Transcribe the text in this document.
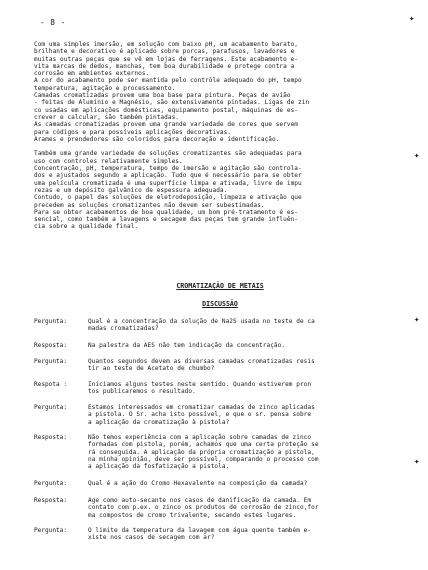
- 8 -	✦
✦
✦
✦
Com uma simples imersão, em solução com baixo pH, um acabamento barato,
brilhante e decorativo é aplicado sobre porcas, parafusos, lavadores e
muitas outras peças que se vê em lojas de ferragens. Este acabamento e-
vita marcas de dedos, manchas, tem boa durabilidade e protege contra a
corrosão em ambientes externos.
A cor do acabamento pode ser mantida pelo contrôle adequado do pH, tempo
temperatura, agitação e processamento.
Camadas cromatizadas provem uma boa base para pintura. Peças de avião
- feitas de Alumínio e Magnésio, são extensivamente pintadas. Ligas de zin
co usadas em aplicações domésticas, equipamento postal, máquinas de es-
crever e calcular, são também pintadas.
As camadas cromatizadas provem uma grande variedade de cores que servem
para códigos e para possíveis aplicações decorativas.
Arames e prendedores são coloridos para decoração e identificação.
Também uma grande variedade de soluções cromatizantes são adequadas para
uso com controles relativamente simples.
Concentração, pH, temperatura, tempo de imersão e agitação são controla-
dos e ajustados segundo a aplicação. Tudo que é necessário para se obter
uma película cromatizada é uma superfície limpa e ativada, livre de impu
rezas e um depósito galvânico de espessura adequada.
Contudo, o papel das soluções de eletrodeposição, limpeza e ativação que
precedem as soluções cromatizantes não devem ser subestimadas.
Para se obter acabamentos de boa qualidade, um bom pré-tratamento é es-
sencial, como também a lavagens e secagem das peças tem grande influên-
cia sobre a qualidade final.
CROMATIZAÇÃO DE METAIS
DISCUSSÃO
Pergunta:	Qual é a concentração da solução de Na2S usada no teste de ca
madas cromatizadas?
Resposta:	Na palestra da AES não tem indicação da concentração.
Pergunta:	Quantos segundos devem as diversas camadas cromatizadas resis
tir ao teste de Acetato de chumbo?
Respota :	Iniciamos alguns testes neste sentido. Quando estiverem pron
tos publicaremos o resultado.
Pergunta:	Estamos interessados em cromatizar camadas de zinco aplicadas
a pistola. O Sr. acha isto possível, e que o sr. pensa sobre
a aplicação da cromatização à pistola?
Resposta:	Não temos experiência com a aplicação sobre camadas de zinco
formadas com pistola, porém, achamos que uma certa proteção se
rá conseguida. A aplicação da própria cromatização a pistola,
na minha opinião, deve ser possível, comparando o processo com
a aplicação da fosfatização a pistola.
Pergunta:	Qual é a ação do Cromo Hexavalente na composição da camada?
Resposta:	Age como auto-secante nos casos de danificação da camada. Em
contato com p.ex. o zinco os produtos de corrosão de zinco,for
ma compostos de cromo trivalente, secando estes lugares.
Pergunta:	O limite da temperatura da lavagem com água quente também e-
xiste nos casos de secagem com ar?
